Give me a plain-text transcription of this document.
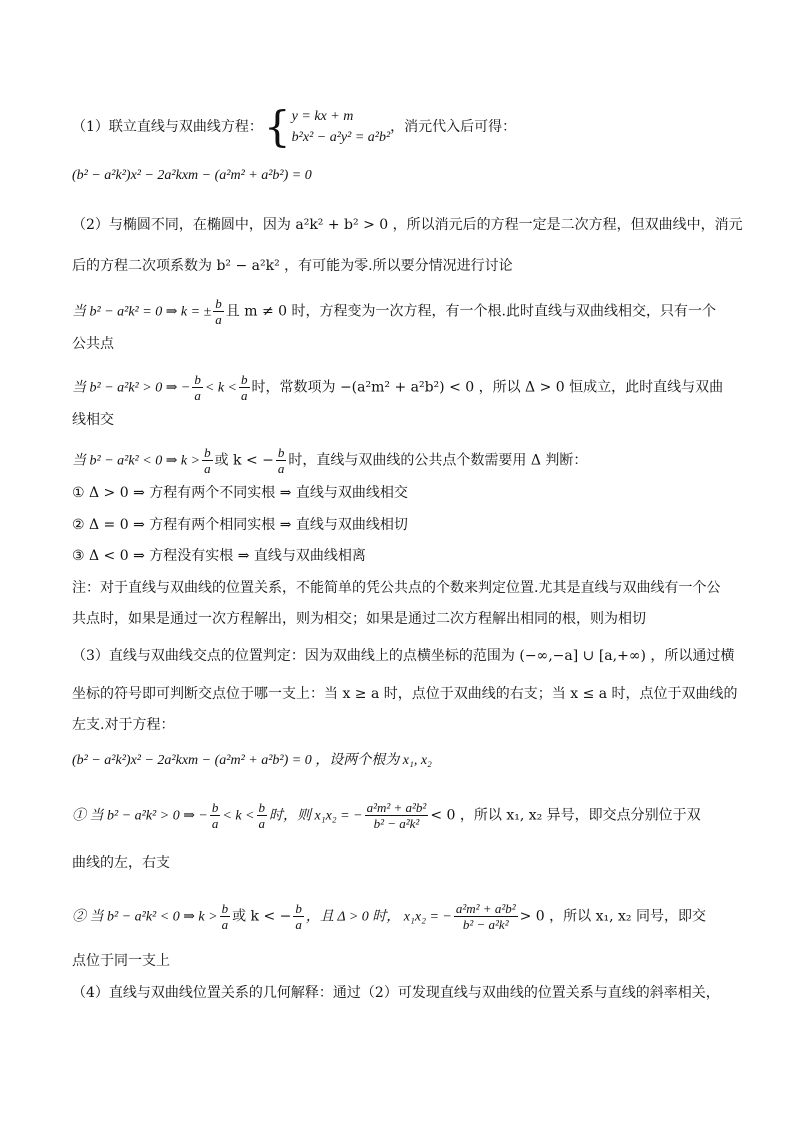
（1）联立直线与双曲线方程：{ y = kx + m
b²x² − a²y² = a²b²
，消元代入后可得：
(b² − a²k²)x² − 2a²kxm − (a²m² + a²b²) = 0
（2）与椭圆不同，在椭圆中，因为 a²k² + b² > 0 ，所以消元后的方程一定是二次方程，但双曲线中，消元
后的方程二次项系数为 b² − a²k² ，有可能为零.所以要分情况进行讨论
当 b² − a²k² = 0 ⇒ k = ± $\frac{b}{a}$ 且 m ≠ 0 时，方程变为一次方程，有一个根.此时直线与双曲线相交，只有一个
公共点
当 b² − a²k² > 0 ⇒ − $\frac{b}{a} < k < \frac{b}{a}$ 时，常数项为 −(a²m² + a²b²) < 0 ，所以 Δ > 0 恒成立，此时直线与双曲
线相交
当 b² − a²k² < 0 ⇒ $k > \frac{b}{a}$ 或 k < − $\frac{b}{a}$ 时，直线与双曲线的公共点个数需要用 Δ 判断：
① Δ > 0 ⇒ 方程有两个不同实根 ⇒ 直线与双曲线相交
② Δ = 0 ⇒ 方程有两个相同实根 ⇒ 直线与双曲线相切
③ Δ < 0 ⇒ 方程没有实根 ⇒ 直线与双曲线相离
注：对于直线与双曲线的位置关系，不能简单的凭公共点的个数来判定位置.尤其是直线与双曲线有一个公
共点时，如果是通过一次方程解出，则为相交；如果是通过二次方程解出相同的根，则为相切
（3）直线与双曲线交点的位置判定：因为双曲线上的点横坐标的范围为 (−∞,−a] ∪ [a,+∞) ，所以通过横
坐标的符号即可判断交点位于哪一支上：当 x ≥ a 时，点位于双曲线的右支；当 x ≤ a 时，点位于双曲线的
左支.对于方程：
(b² − a²k²)x² − 2a²kxm − (a²m² + a²b²) = 0 ，设两个根为 x₁, x₂
① 当 b² − a²k² > 0 ⇒ − $\frac{b}{a} < k < \frac{b}{a}$ 时，则 x₁x₂ = − $\frac{\text{a²m² + a²b²}}{\text{b² − a²k²}} < 0$ ，所以 x₁, x₂ 异号，即交点分别位于双
曲线的左，右支
② 当 b² − a²k² < 0 ⇒ $k > \frac{b}{a}$ 或 k < − $\frac{b}{a}$ ，且 Δ > 0 时， x₁x₂ = − $\frac{\text{a²m² + a²b²}}{\text{b² − a²k²}} > 0$ ，所以 x₁, x₂ 同号，即交
点位于同一支上
（4）直线与双曲线位置关系的几何解释：通过（2）可发现直线与双曲线的位置关系与直线的斜率相关，
